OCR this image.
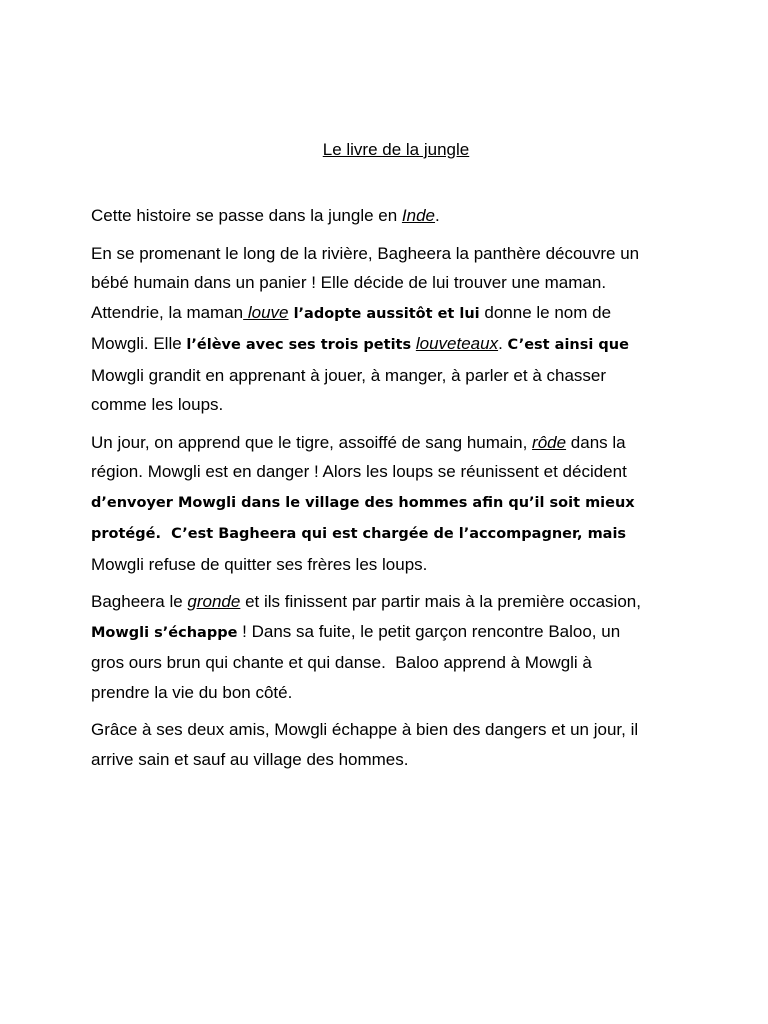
Le livre de la jungle
Cette histoire se passe dans la jungle en Inde.
En se promenant le long de la rivière, Bagheera la panthère découvre un
bébé humain dans un panier ! Elle décide de lui trouver une maman.
Attendrie, la maman louve l’adopte aussitôt et lui donne le nom de
Mowgli. Elle l’élève avec ses trois petits louveteaux. C’est ainsi que
Mowgli grandit en apprenant à jouer, à manger, à parler et à chasser
comme les loups.
Un jour, on apprend que le tigre, assoiffé de sang humain, rôde dans la
région. Mowgli est en danger ! Alors les loups se réunissent et décident
d’envoyer Mowgli dans le village des hommes afin qu’il soit mieux
protégé.  C’est Bagheera qui est chargée de l’accompagner, mais
Mowgli refuse de quitter ses frères les loups.
Bagheera le gronde et ils finissent par partir mais à la première occasion,
Mowgli s’échappe ! Dans sa fuite, le petit garçon rencontre Baloo, un
gros ours brun qui chante et qui danse.  Baloo apprend à Mowgli à
prendre la vie du bon côté.
Grâce à ses deux amis, Mowgli échappe à bien des dangers et un jour, il
arrive sain et sauf au village des hommes.
